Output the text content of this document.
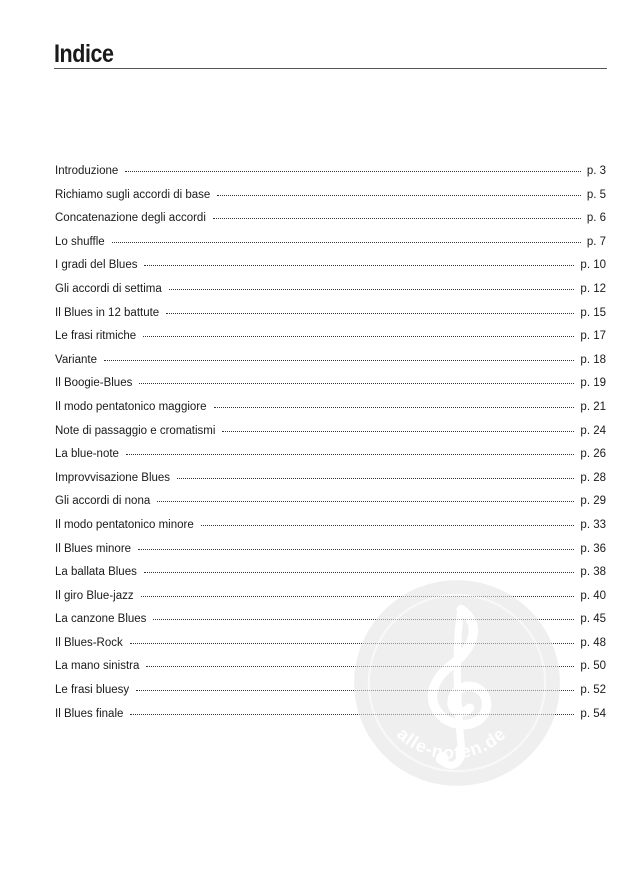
Indice
Introduzione	p. 3
Richiamo sugli accordi di base	p. 5
Concatenazione degli accordi	p. 6
Lo shuffle	p. 7
I gradi del Blues	p. 10
Gli accordi di settima	p. 12
Il Blues in 12 battute	p. 15
Le frasi ritmiche	p. 17
Variante	p. 18
Il Boogie-Blues	p. 19
Il modo pentatonico maggiore	p. 21
Note di passaggio e cromatismi	p. 24
La blue-note	p. 26
Improvvisazione Blues	p. 28
Gli accordi di nona	p. 29
Il modo pentatonico minore	p. 33
Il Blues minore	p. 36
La ballata Blues	p. 38
Il giro Blue-jazz	p. 40
La canzone Blues	p. 45
Il Blues-Rock	p. 48
La mano sinistra	p. 50
Le frasi bluesy	p. 52
Il Blues finale	p. 54
alle-noten.de
